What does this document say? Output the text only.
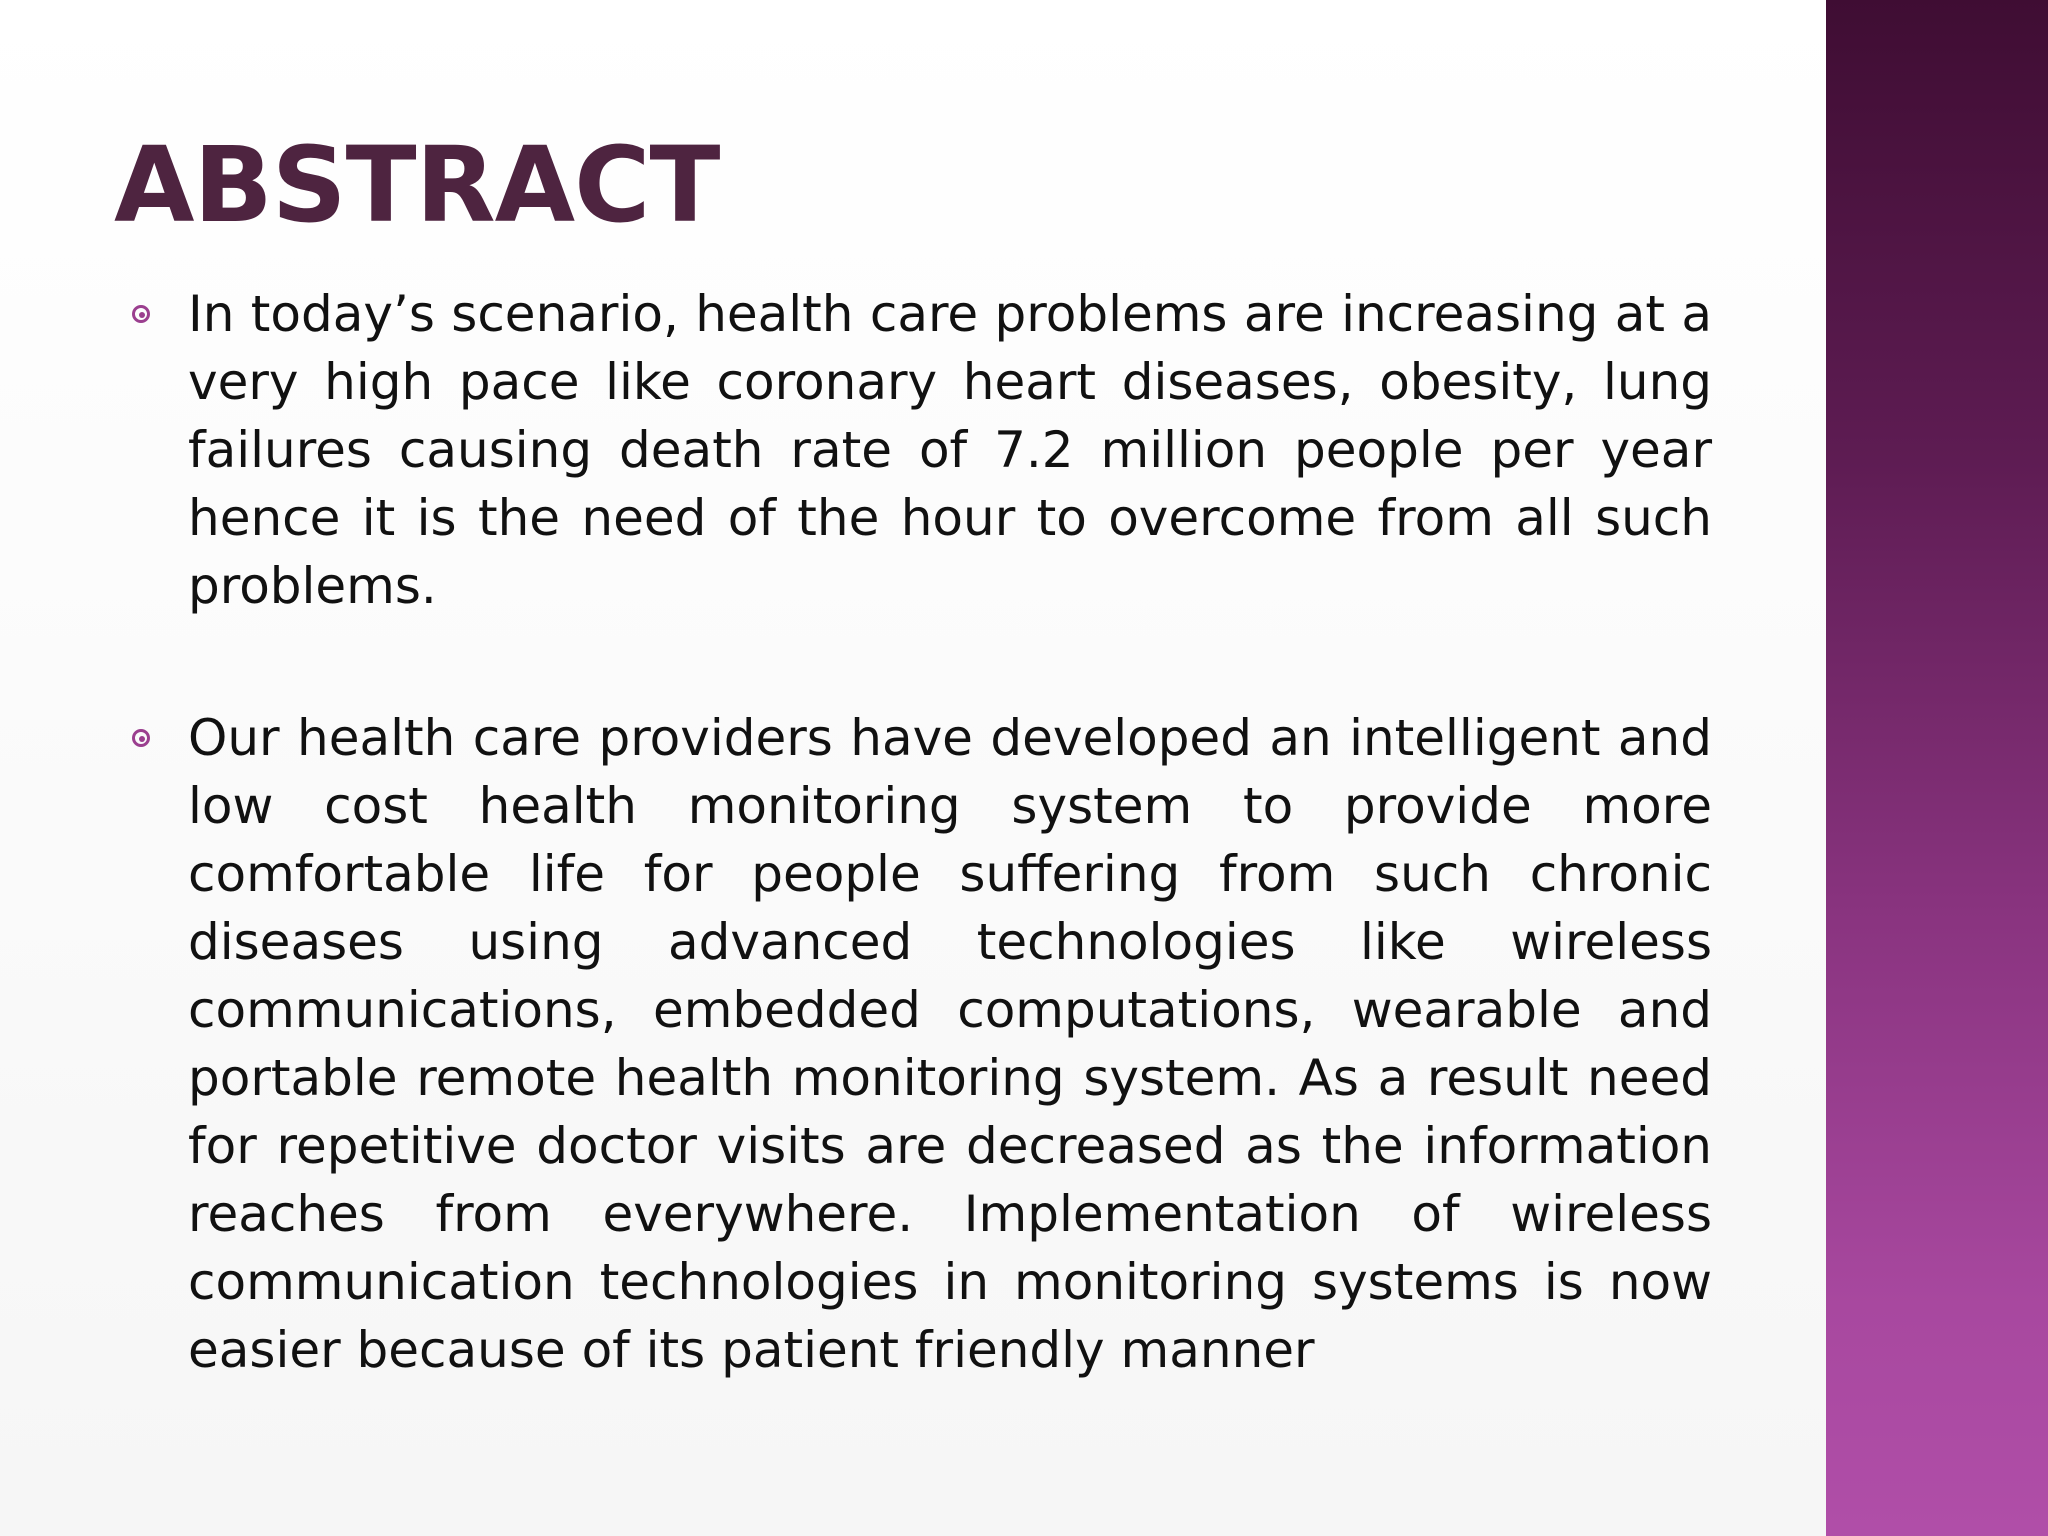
ABSTRACT
In today’s scenario, health care problems are increasing at a very high pace like coronary heart diseases, obesity, lung failures causing death rate of 7.2 million people per year hence it is the need of the hour to overcome from all such problems.
Our health care providers have developed an intelligent and low cost health monitoring system to provide more comfortable life for people suffering from such chronic diseases using advanced technologies like wireless communications, embedded computations, wearable and portable remote health monitoring system. As a result need for repetitive doctor visits are decreased as the information reaches from everywhere. Implementation of wireless communication technologies in monitoring systems is now easier because of its patient friendly manner
